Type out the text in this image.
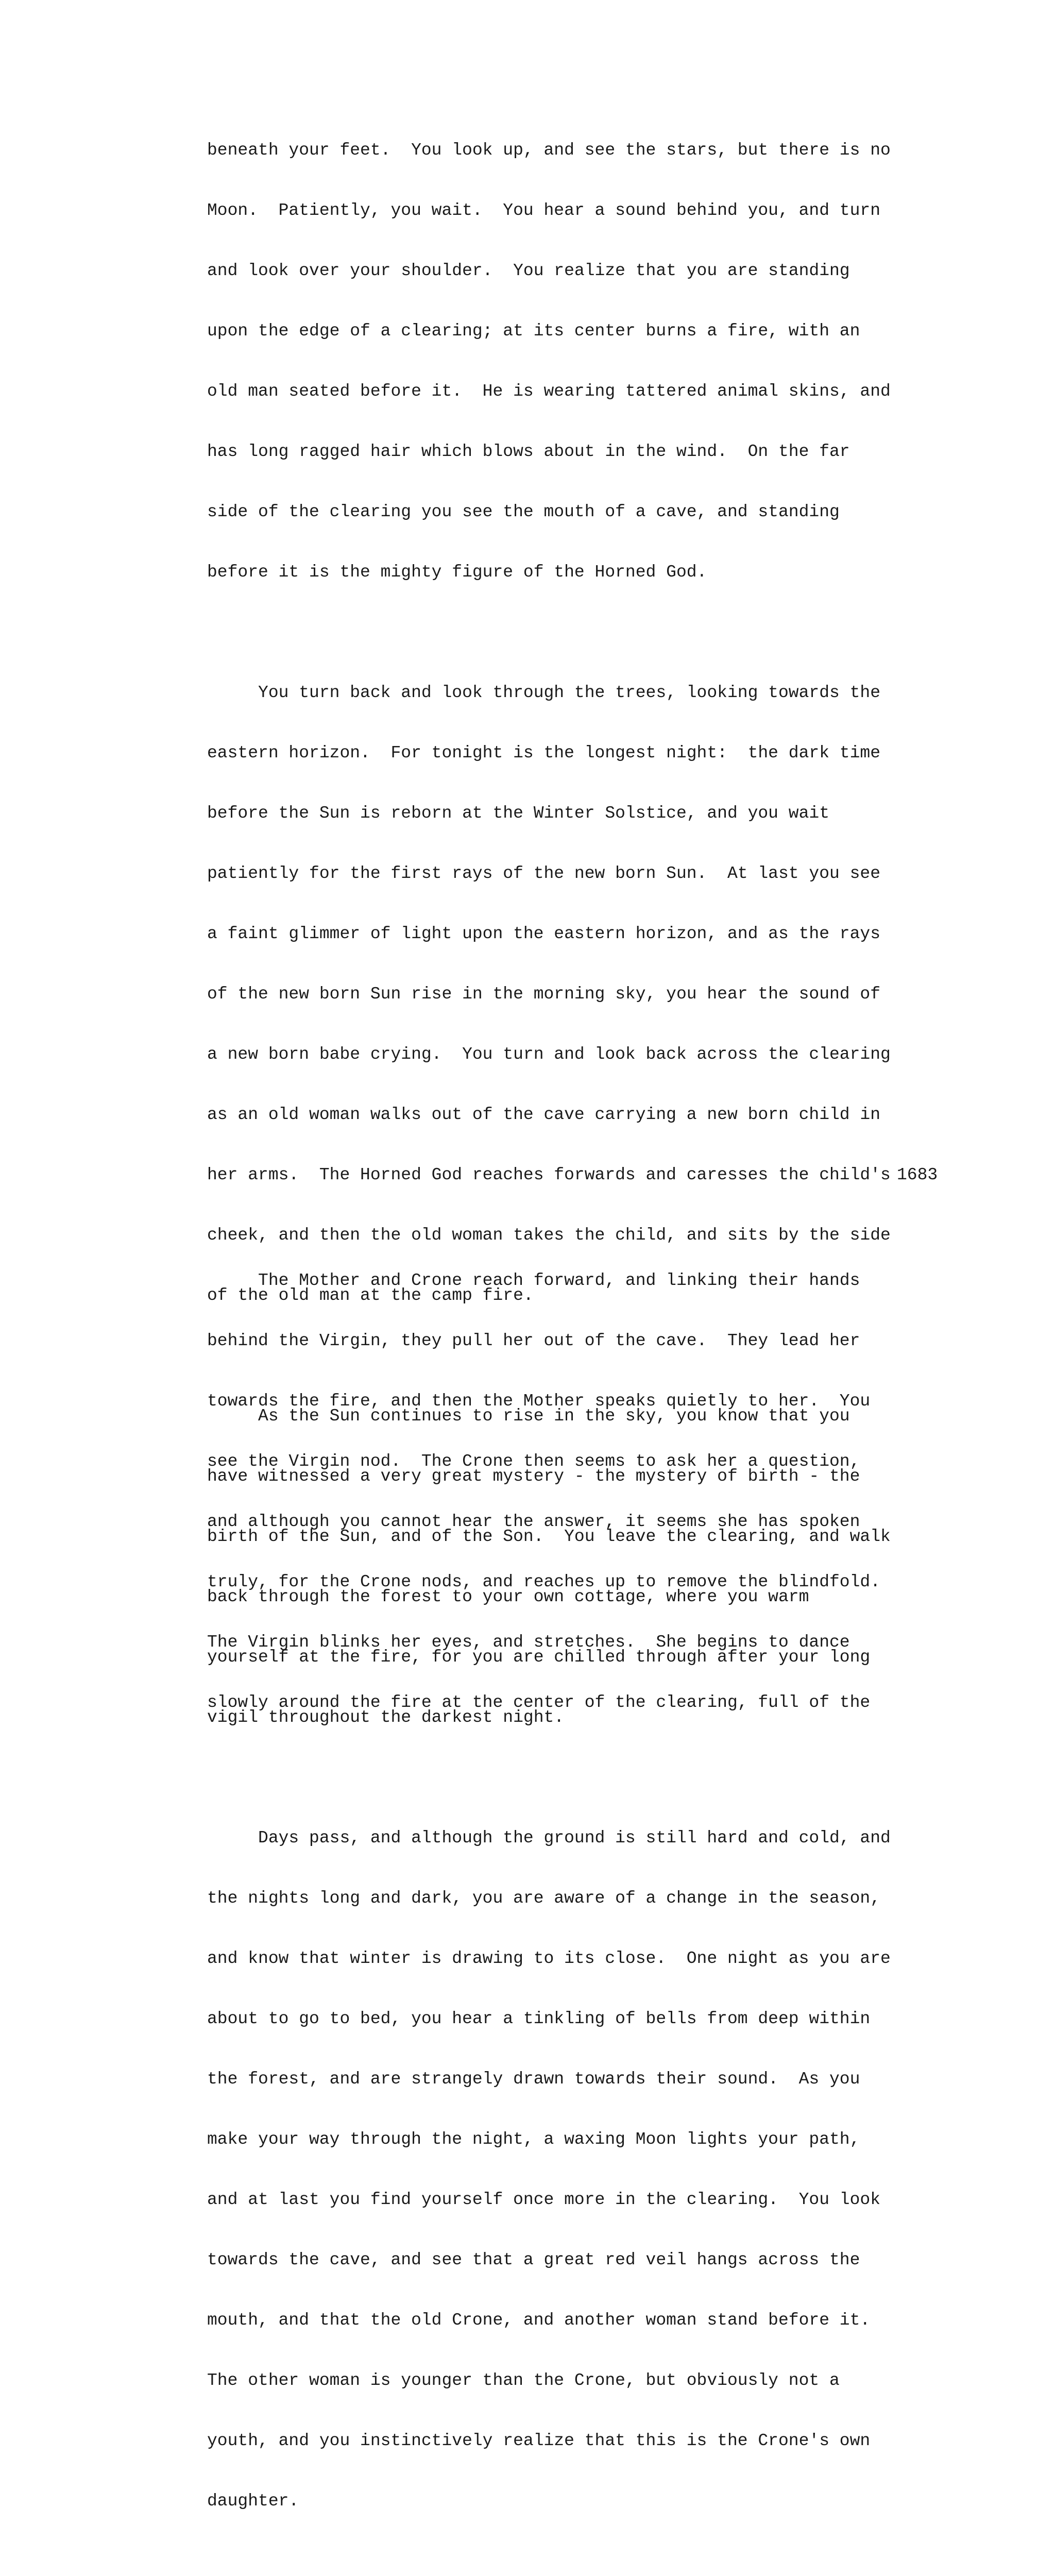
beneath your feet.  You look up, and see the stars, but there is no

Moon.  Patiently, you wait.  You hear a sound behind you, and turn

and look over your shoulder.  You realize that you are standing

upon the edge of a clearing; at its center burns a fire, with an

old man seated before it.  He is wearing tattered animal skins, and

has long ragged hair which blows about in the wind.  On the far

side of the clearing you see the mouth of a cave, and standing

before it is the mighty figure of the Horned God.

You turn back and look through the trees, looking towards the

eastern horizon.  For tonight is the longest night:  the dark time

before the Sun is reborn at the Winter Solstice, and you wait

patiently for the first rays of the new born Sun.  At last you see

a faint glimmer of light upon the eastern horizon, and as the rays

of the new born Sun rise in the morning sky, you hear the sound of

a new born babe crying.  You turn and look back across the clearing

as an old woman walks out of the cave carrying a new born child in

her arms.  The Horned God reaches forwards and caresses the child's

cheek, and then the old woman takes the child, and sits by the side

of the old man at the camp fire.

As the Sun continues to rise in the sky, you know that you

have witnessed a very great mystery - the mystery of birth - the

birth of the Sun, and of the Son.  You leave the clearing, and walk

back through the forest to your own cottage, where you warm

yourself at the fire, for you are chilled through after your long

vigil throughout the darkest night.

Days pass, and although the ground is still hard and cold, and

the nights long and dark, you are aware of a change in the season,

and know that winter is drawing to its close.  One night as you are

about to go to bed, you hear a tinkling of bells from deep within

the forest, and are strangely drawn towards their sound.  As you

make your way through the night, a waxing Moon lights your path,

and at last you find yourself once more in the clearing.  You look

towards the cave, and see that a great red veil hangs across the

mouth, and that the old Crone, and another woman stand before it.

The other woman is younger than the Crone, but obviously not a

youth, and you instinctively realize that this is the Crone's own

daughter.

1683

The Mother and Crone reach forward, and linking their hands

behind the Virgin, they pull her out of the cave.  They lead her

towards the fire, and then the Mother speaks quietly to her.  You

see the Virgin nod.  The Crone then seems to ask her a question,

and although you cannot hear the answer, it seems she has spoken

truly, for the Crone nods, and reaches up to remove the blindfold.

The Virgin blinks her eyes, and stretches.  She begins to dance

slowly around the fire at the center of the clearing, full of the
